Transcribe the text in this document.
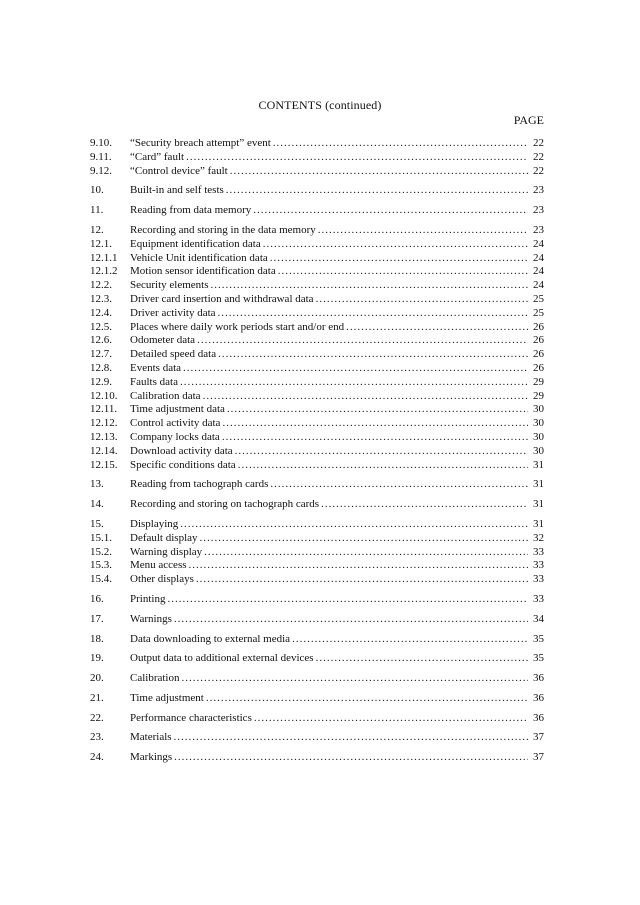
CONTENTS (continued)
PAGE
9.10.	“Security breach attempt” event .....	22
9.11.	“Card” fault .....	22
9.12.	“Control device” fault .....	22
10.	Built-in and self tests .....	23
11.	Reading from data memory .....	23
12.	Recording and storing in the data memory .....	23
12.1.	Equipment identification data .....	24
12.1.1	Vehicle Unit identification data .....	24
12.1.2	Motion sensor identification data .....	24
12.2.	Security elements .....	24
12.3.	Driver card insertion and withdrawal data .....	25
12.4.	Driver activity data .....	25
12.5.	Places where daily work periods start and/or end .....	26
12.6.	Odometer data .....	26
12.7.	Detailed speed data .....	26
12.8.	Events data .....	26
12.9.	Faults data .....	29
12.10.	Calibration data .....	29
12.11.	Time adjustment data .....	30
12.12.	Control activity data .....	30
12.13.	Company locks data .....	30
12.14.	Download activity data .....	30
12.15.	Specific conditions data .....	31
13.	Reading from tachograph cards .....	31
14.	Recording and storing on tachograph cards .....	31
15.	Displaying .....	31
15.1.	Default display .....	32
15.2.	Warning display .....	33
15.3.	Menu access .....	33
15.4.	Other displays .....	33
16.	Printing .....	33
17.	Warnings .....	34
18.	Data downloading to external media .....	35
19.	Output data to additional external devices .....	35
20.	Calibration .....	36
21.	Time adjustment .....	36
22.	Performance characteristics .....	36
23.	Materials .....	37
24.	Markings .....	37
